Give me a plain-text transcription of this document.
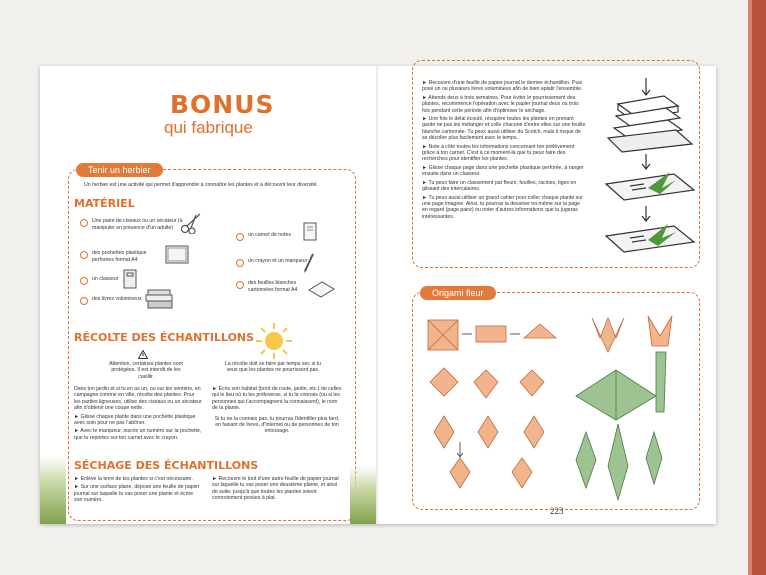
BONUS
qui fabrique
Tenir un herbier
Un herbier est une activité qui permet d'apprendre à connaître les plantes et à découvrir leur diversité.
MATÉRIEL
Une paire de ciseaux ou un sécateur (à manipuler en présence d'un adulte)
des pochettes plastique perforées format A4
un classeur
des livres volumineux
un carnet de notes
un crayon et un marqueur
des feuilles blanches cartonnées format A4
RÉCOLTE DES ÉCHANTILLONS
Attention, certaines plantes sont protégées. Il est interdit de les cueillir.
La récolte doit se faire par temps sec si tu veux que les plantes ne pourrissent pas.

Dans ton jardin et si tu en as un, ou sur les sentiers, en campagne comme en ville, récolte des plantes. Pour les parties ligneuses, utilise des ciseaux ou un sécateur afin d'obtenir une coupe nette.

► Glisse chaque plante dans une pochette plastique avec soin pour ne pas l'abîmer.

► Avec le marqueur, inscris un numéro sur la pochette, que tu reportes sur ton carnet avec le crayon.

► Écris son habitat (bord de route, jardin, etc.) de celles qui le lieu où tu les préleveras, si tu la connais (ou si les personnes qui t'accompagnent la connaissent), le nom de la plante.

Si tu ne la connais pas, tu pourras l'identifier plus tard, en faisant de livres, d'Internet ou de personnes de ton entourage.

SÉCHAGE DES ÉCHANTILLONS

► Enlève la terre de tes plantes si c'est nécessaire.

► Sur une surface plane, dépose une feuille de papier journal sur laquelle tu vas poser une plante et écrire son numéro.

► Recouvre le tout d'une autre feuille de papier journal sur laquelle tu vas poser une deuxième plante, et ainsi de suite, jusqu'à que toutes les plantes soient correctement posées à plat.

► Recouvre d'une feuille de papier journal le dernier échantillon. Puis pose un ou plusieurs livres volumineux afin de bien aplatir l'ensemble.

► Attends deux à trois semaines. Pour éviter le pourrissement des plantes, recommence l'opération avec le papier journal deux ou trois fois pendant cette période afin d'optimiser le séchage.

► Une fois le délai écoulé, récupère toutes les plantes en prenant garde ne pas les mélanger et colle chacune d'entre elles sur une feuille blanche cartonnée. Tu peux aussi utiliser du Scotch, mais il risque de se décoller plus facilement avec le temps.

► Note à côté toutes les informations concernant ton prélèvement grâce à ton carnet. C'est à ce moment-là que tu peux faire des recherches pour identifier les plantes.

► Glisse chaque page dans une pochette plastique perforée, à ranger ensuite dans un classeur.

► Tu peux faire un classement par fleurs, feuilles, racines, tiges en glissant des intercalaires.

► Tu peux aussi utiliser un grand cahier pour coller chaque plante sur une page imagine. Ainsi, tu pourras la dessiner toi-même sur la page en regard (page paire) ou noter d'autres informations que tu jugeras intéressantes.

Origami fleur
223
